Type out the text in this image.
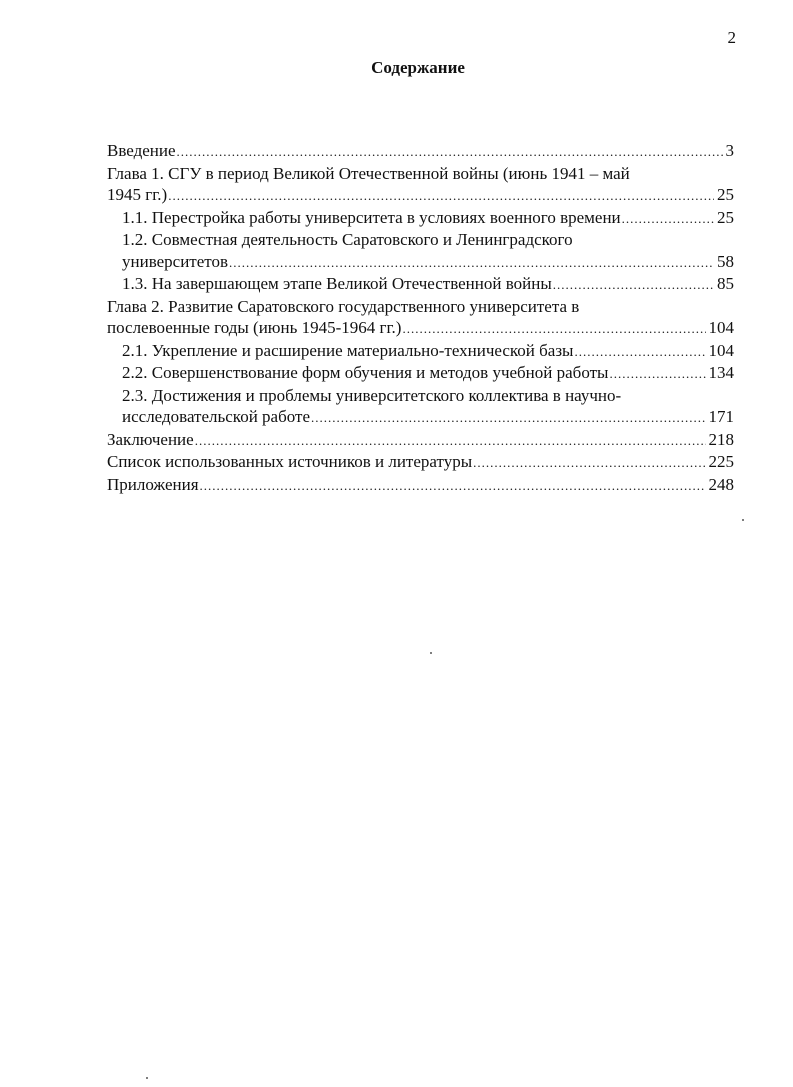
2
Содержание
Введение .....	3
Глава 1. СГУ в период Великой Отечественной войны (июнь 1941 – май
1945 гг.) .....	25
1.1. Перестройка работы университета в условиях военного времени .....	25
1.2. Совместная деятельность Саратовского и Ленинградского
университетов .....	58
1.3. На завершающем этапе Великой Отечественной войны .....	85
Глава 2. Развитие Саратовского государственного университета в
послевоенные годы (июнь 1945-1964 гг.) .....	104
2.1. Укрепление и расширение материально-технической базы .....	104
2.2. Совершенствование форм обучения и методов учебной работы .....	134
2.3. Достижения и проблемы университетского коллектива в научно-
исследовательской работе .....	171
Заключение .....	218
Список использованных источников и литературы .....	225
Приложения .....	248
